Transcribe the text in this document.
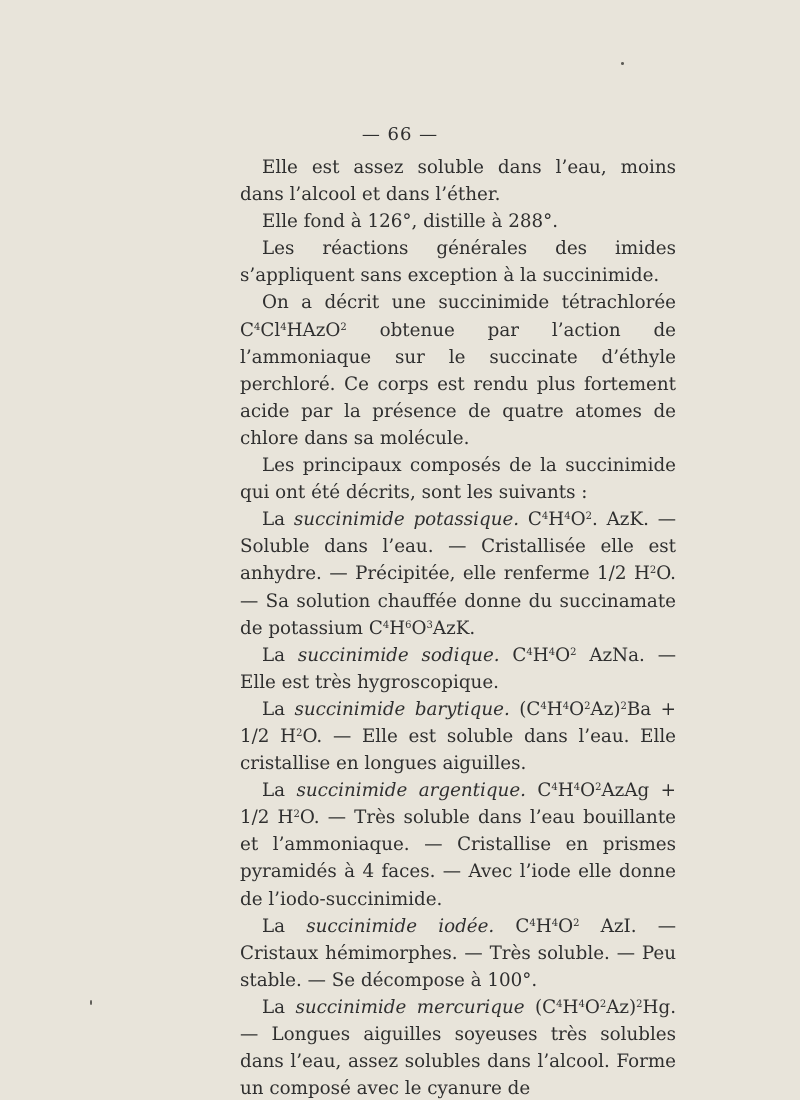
— 66 —

Elle est assez soluble dans l’eau, moins dans l’alcool et dans l’éther.

Elle fond à 126°, distille à 288°.

Les réactions générales des imides s’appliquent sans exception à la succinimide.

On a décrit une succinimide tétrachlorée $C^4Cl^4HAzO^2$ obtenue par l’action de l’ammoniaque sur le succinate d’éthyle perchloré. Ce corps est rendu plus fortement acide par la présence de quatre atomes de chlore dans sa molécule.

Les principaux composés de la succinimide qui ont été décrits, sont les suivants :

La succinimide potassique. $C^4H^4O^2$. AzK. — Soluble dans l’eau. — Cristallisée elle est anhydre. — Précipitée, elle renferme 1/2 $H^2O$. — Sa solution chauffée donne du succinamate de potassium $C^4H^6O^3AzK$.

La succinimide sodique. $C^4H^4O^2$ AzNa. — Elle est très hygroscopique.

La succinimide barytique. $(C^4H^4O^2Az)^2Ba + 1/2$ $H^2O$. — Elle est soluble dans l’eau. Elle cristallise en longues aiguilles.

La succinimide argentique. $C^4H^4O^2AzAg + 1/2$ $H^2O$. — Très soluble dans l’eau bouillante et l’ammoniaque. — Cristallise en prismes pyramidés à 4 faces. — Avec l’iode elle donne de l’iodo-succinimide.

La succinimide iodée. $C^4H^4O^2$ AzI. — Cristaux hémimorphes. — Très soluble. — Peu stable. — Se décompose à 100°.

La succinimide mercurique $(C^4H^4O^2Az)^2Hg$. — Longues aiguilles soyeuses très solubles dans l’eau, assez solubles dans l’alcool. Forme un composé avec le cyanure de
